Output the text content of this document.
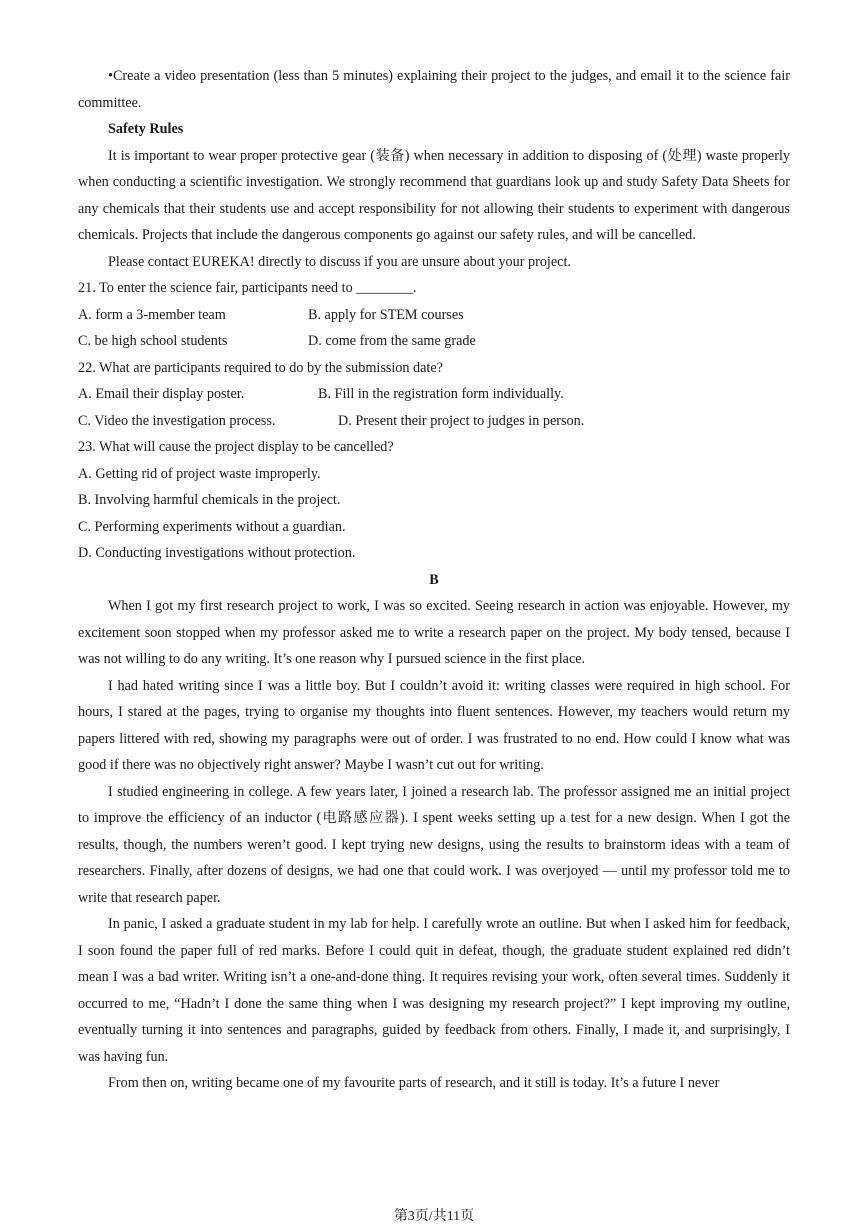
•Create a video presentation (less than 5 minutes) explaining their project to the judges, and email it to the science fair committee.

Safety Rules

It is important to wear proper protective gear (装备) when necessary in addition to disposing of (处理) waste properly when conducting a scientific investigation. We strongly recommend that guardians look up and study Safety Data Sheets for any chemicals that their students use and accept responsibility for not allowing their students to experiment with dangerous chemicals. Projects that include the dangerous components go against our safety rules, and will be cancelled.

Please contact EUREKA! directly to discuss if you are unsure about your project.

21. To enter the science fair, participants need to ________.

A. form a 3-member team	B. apply for STEM courses
C. be high school students	D. come from the same grade

22. What are participants required to do by the submission date?

A. Email their display poster.	B. Fill in the registration form individually.
C. Video the investigation process.	D. Present their project to judges in person.

23. What will cause the project display to be cancelled?

A. Getting rid of project waste improperly.

B. Involving harmful chemicals in the project.

C. Performing experiments without a guardian.

D. Conducting investigations without protection.

B

When I got my first research project to work, I was so excited. Seeing research in action was enjoyable. However, my excitement soon stopped when my professor asked me to write a research paper on the project. My body tensed, because I was not willing to do any writing. It’s one reason why I pursued science in the first place.

I had hated writing since I was a little boy. But I couldn’t avoid it: writing classes were required in high school. For hours, I stared at the pages, trying to organise my thoughts into fluent sentences. However, my teachers would return my papers littered with red, showing my paragraphs were out of order. I was frustrated to no end. How could I know what was good if there was no objectively right answer? Maybe I wasn’t cut out for writing.

I studied engineering in college. A few years later, I joined a research lab. The professor assigned me an initial project to improve the efficiency of an inductor (电路感应器). I spent weeks setting up a test for a new design. When I got the results, though, the numbers weren’t good. I kept trying new designs, using the results to brainstorm ideas with a team of researchers. Finally, after dozens of designs, we had one that could work. I was overjoyed — until my professor told me to write that research paper.

In panic, I asked a graduate student in my lab for help. I carefully wrote an outline. But when I asked him for feedback, I soon found the paper full of red marks. Before I could quit in defeat, though, the graduate student explained red didn’t mean I was a bad writer. Writing isn’t a one-and-done thing. It requires revising your work, often several times. Suddenly it occurred to me, “Hadn’t I done the same thing when I was designing my research project?” I kept improving my outline, eventually turning it into sentences and paragraphs, guided by feedback from others. Finally, I made it, and surprisingly, I was having fun.

From then on, writing became one of my favourite parts of research, and it still is today. It’s a future I never

第3页/共11页
